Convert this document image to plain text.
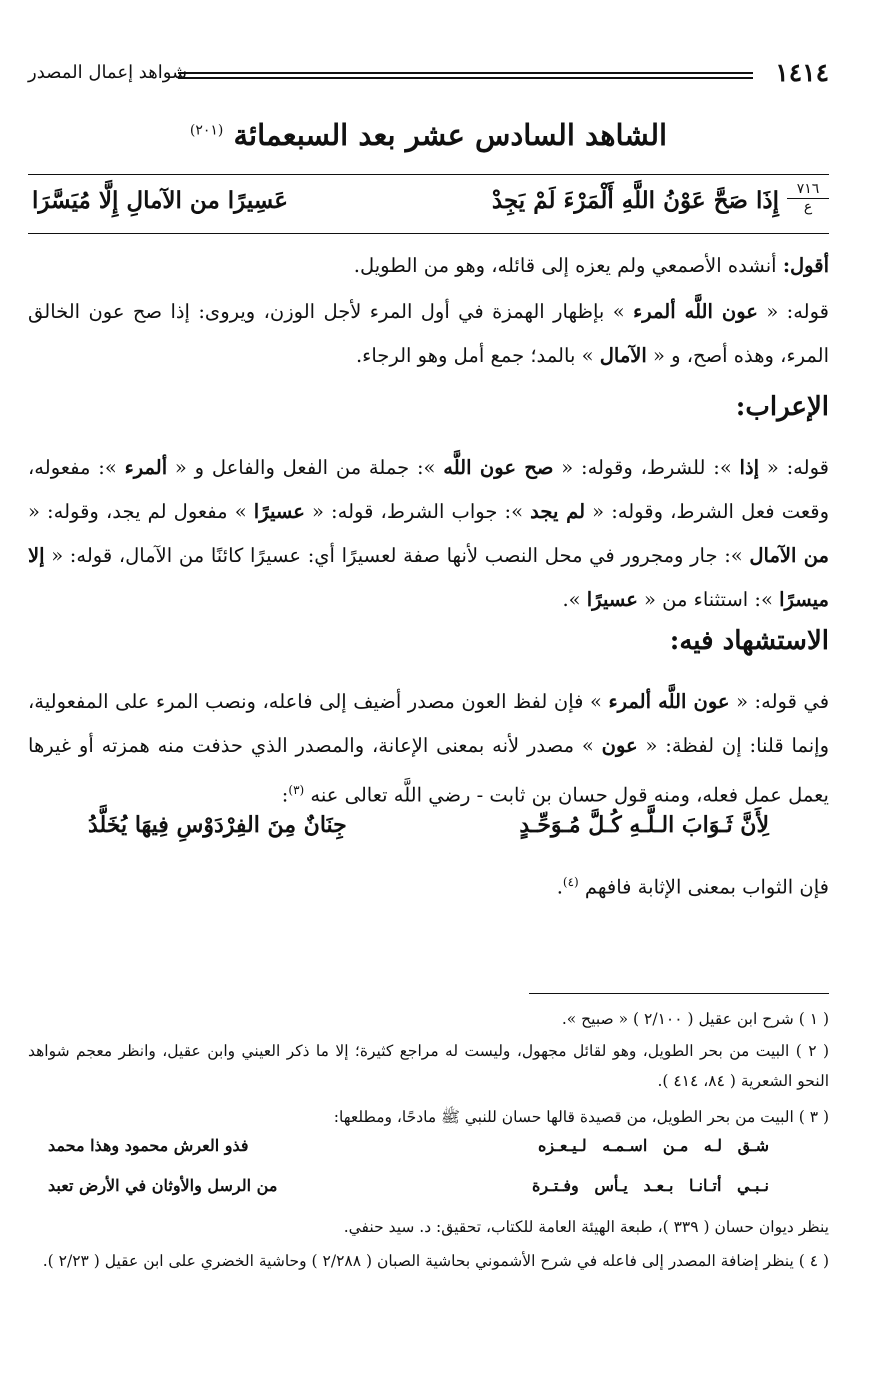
١٤١٤
شواهد إعمال المصدر
الشاهد السادس عشر بعد السبعمائة $^{(٢٠١)}$
٧١٦
ع
إِذَا صَحَّ عَوْنُ اللَّهِ أَلْمَرْءَ لَمْ يَجِدْ
عَسِيرًا من الآمالِ إِلَّا مُيَسَّرَا
أقول: أنشده الأصمعي ولم يعزه إلى قائله، وهو من الطويل.
قوله: « عون اللَّه ألمرء » بإظهار الهمزة في أول المرء لأجل الوزن، ويروى: إذا صح عون الخالق المرء، وهذه أصح، و « الآمال » بالمد؛ جمع أمل وهو الرجاء.
الإعراب:
قوله: « إذا »: للشرط، وقوله: « صح عون اللَّه »: جملة من الفعل والفاعل و « ألمرء »: مفعوله، وقعت فعل الشرط، وقوله: « لم يجد »: جواب الشرط، قوله: « عسيرًا » مفعول لم يجد، وقوله: « من الآمال »: جار ومجرور في محل النصب لأنها صفة لعسيرًا أي: عسيرًا كائنًا من الآمال، قوله: « إلا ميسرًا »: استثناء من « عسيرًا ».
الاستشهاد فيه:
في قوله: « عون اللَّه ألمرء » فإن لفظ العون مصدر أضيف إلى فاعله، ونصب المرء على المفعولية، وإنما قلنا: إن لفظة: « عون » مصدر لأنه بمعنى الإعانة، والمصدر الذي حذفت منه همزته أو غيرها يعمل عمل فعله، ومنه قول حسان بن ثابت - رضي اللَّه تعالى عنه $^{(٣)}$:
لِأَنَّ ثَـوَابَ الـلَّـهِ كُـلَّ مُـوَحِّـدٍ
جِنَانٌ مِنَ الفِرْدَوْسِ فِيهَا يُخَلَّدُ
فإن الثواب بمعنى الإثابة فافهم $^{(٤)}$.
( ١ ) شرح ابن عقيل ( ٢/١٠٠ ) « صبيح ».
( ٢ ) البيت من بحر الطويل، وهو لقائل مجهول، وليست له مراجع كثيرة؛ إلا ما ذكر العيني وابن عقيل، وانظر معجم شواهد النحو الشعرية ( ٨٤، ٤١٤ ).
( ٣ ) البيت من بحر الطويل، من قصيدة قالها حسان للنبي ﷺ مادحًا، ومطلعها:
شـق لـه مـن اسـمـه لـيـعـزه
فذو العرش محمود وهذا محمد
نـبـي أتـانـا بـعـد يـأس وفـتـرة
من الرسل والأوثان في الأرض تعبد
ينظر ديوان حسان ( ٣٣٩ )، طبعة الهيئة العامة للكتاب، تحقيق: د. سيد حنفي.
( ٤ ) ينظر إضافة المصدر إلى فاعله في شرح الأشموني بحاشية الصبان ( ٢/٢٨٨ ) وحاشية الخضري على ابن عقيل ( ٢/٢٣ ).
